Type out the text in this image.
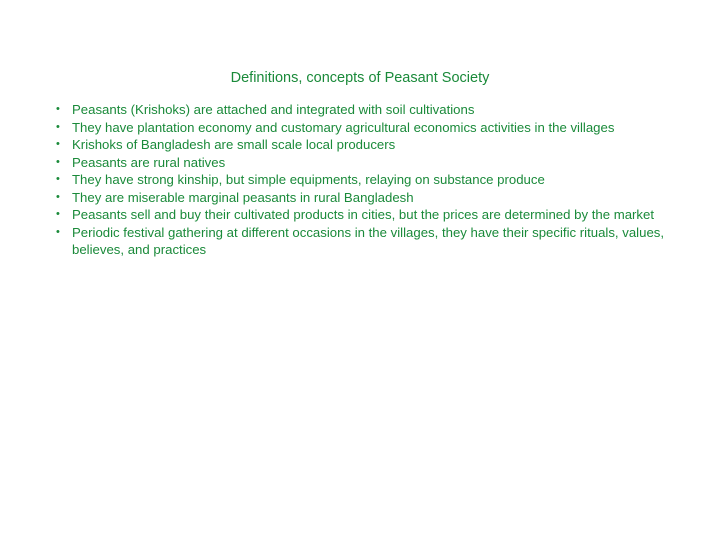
Definitions, concepts of Peasant Society
• Peasants (Krishoks) are attached and integrated with soil cultivations
• They have plantation economy and customary agricultural economics activities in the villages
• Krishoks of Bangladesh are small scale local producers
• Peasants are rural natives
• They have strong kinship, but simple equipments, relaying on substance produce
• They are miserable marginal peasants in rural Bangladesh
• Peasants sell and buy their cultivated products in cities, but the prices are determined by the market
• Periodic festival gathering at different occasions in the villages, they have their specific rituals, values, believes, and practices
